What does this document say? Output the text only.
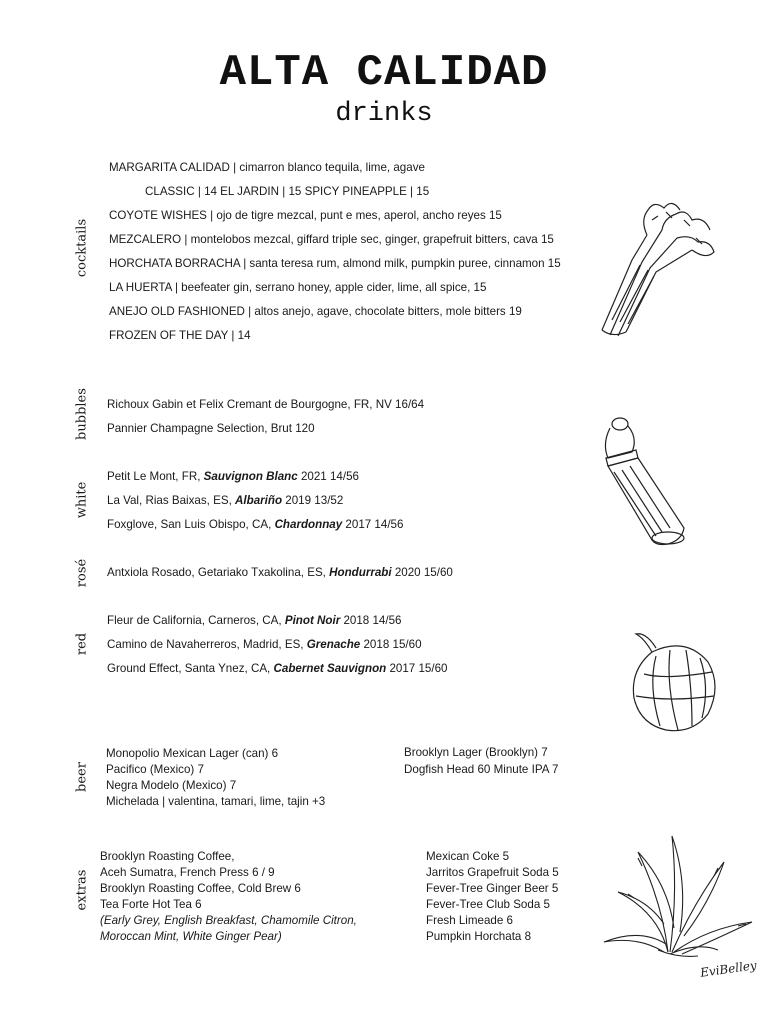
ALTA CALIDAD
drinks
cocktails
bubbles
white
rosé
red
beer
extras
MARGARITA CALIDAD | cimarron blanco tequila, lime, agave
CLASSIC | 14 EL JARDIN | 15 SPICY PINEAPPLE | 15
COYOTE WISHES | ojo de tigre mezcal, punt e mes, aperol, ancho reyes 15
MEZCALERO | montelobos mezcal, giffard triple sec, ginger, grapefruit bitters, cava 15
HORCHATA BORRACHA | santa teresa rum, almond milk, pumpkin puree, cinnamon 15
LA HUERTA | beefeater gin, serrano honey, apple cider, lime, all spice, 15
ANEJO OLD FASHIONED | altos anejo, agave, chocolate bitters, mole bitters 19
FROZEN OF THE DAY | 14
Richoux Gabin et Felix Cremant de Bourgogne, FR, NV 16/64
Pannier Champagne Selection, Brut 120
Petit Le Mont, FR, Sauvignon Blanc 2021 14/56
La Val, Rias Baixas, ES, Albariño 2019 13/52
Foxglove, San Luis Obispo, CA, Chardonnay 2017 14/56
Antxiola Rosado, Getariako Txakolina, ES, Hondurrabi 2020 15/60
Fleur de California, Carneros, CA, Pinot Noir 2018 14/56
Camino de Navaherreros, Madrid, ES, Grenache 2018 15/60
Ground Effect, Santa Ynez, CA, Cabernet Sauvignon 2017 15/60
Monopolio Mexican Lager (can) 6
Pacifico (Mexico) 7
Negra Modelo (Mexico) 7
Michelada | valentina, tamari, lime, tajin +3
Brooklyn Lager (Brooklyn) 7
Dogfish Head 60 Minute IPA 7
Brooklyn Roasting Coffee,
Aceh Sumatra, French Press 6 / 9
Brooklyn Roasting Coffee, Cold Brew 6
Tea Forte Hot Tea 6
(Early Grey, English Breakfast, Chamomile Citron,
Moroccan Mint, White Ginger Pear)
Mexican Coke 5
Jarritos Grapefruit Soda 5
Fever-Tree Ginger Beer 5
Fever-Tree Club Soda 5
Fresh Limeade 6
Pumpkin Horchata 8
EviBelley
